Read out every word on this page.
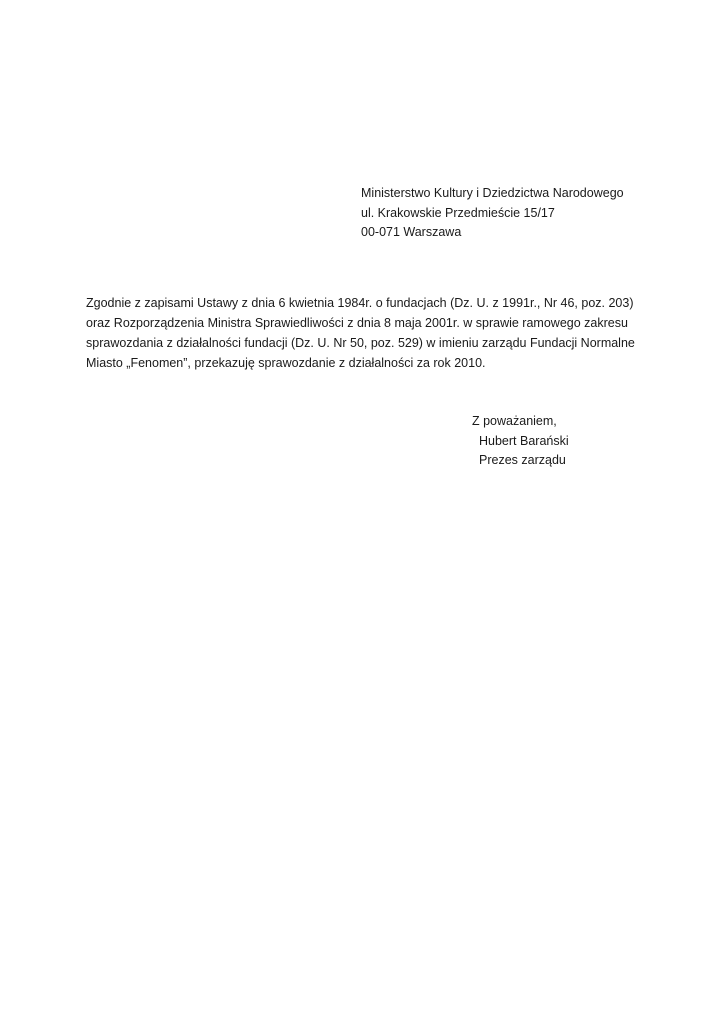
Ministerstwo Kultury i Dziedzictwa Narodowego
ul. Krakowskie Przedmieście 15/17
00-071 Warszawa
Zgodnie z zapisami Ustawy z dnia 6 kwietnia 1984r. o fundacjach (Dz. U. z 1991r., Nr 46, poz. 203)
oraz Rozporządzenia Ministra Sprawiedliwości z dnia 8 maja 2001r. w sprawie ramowego zakresu
sprawozdania z działalności fundacji (Dz. U. Nr 50, poz. 529) w imieniu zarządu Fundacji Normalne
Miasto „Fenomen”, przekazuję sprawozdanie z działalności za rok 2010.
Z poważaniem,
Hubert Barański
Prezes zarządu
